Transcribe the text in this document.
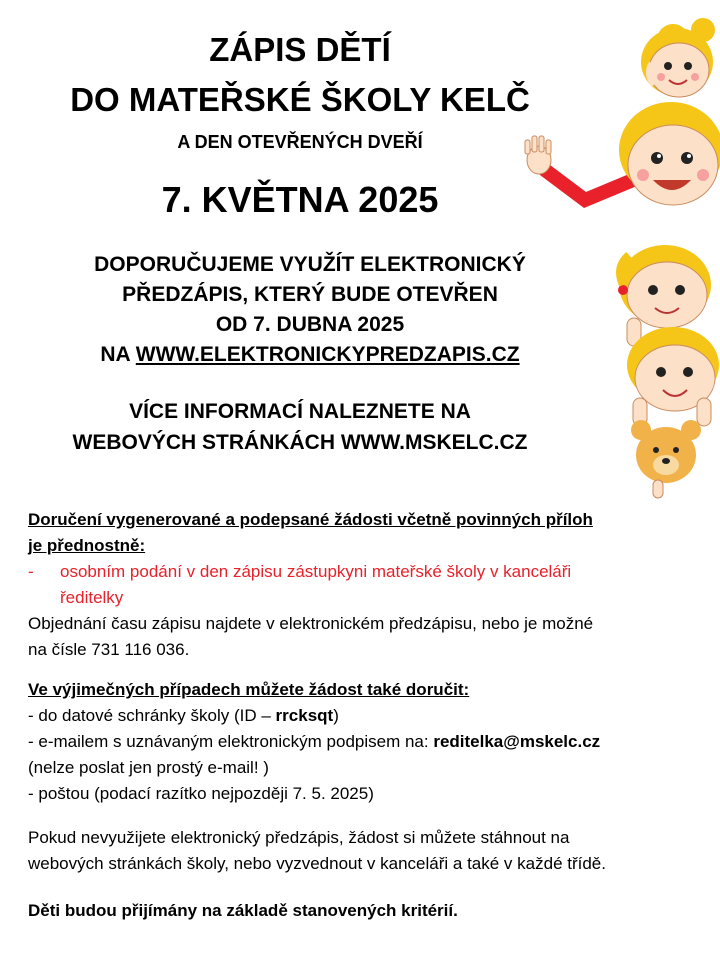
ZÁPIS DĚTÍ
DO MATEŘSKÉ ŠKOLY KELČ
A DEN OTEVŘENÝCH DVEŘÍ
7. KVĚTNA 2025
DOPORUČUJEME VYUŽÍT ELEKTRONICKÝ
PŘEDZÁPIS, KTERÝ BUDE OTEVŘEN
OD 7. DUBNA 2025
NA WWW.ELEKTRONICKYPREDZAPIS.CZ
VÍCE INFORMACÍ NALEZNETE NA
WEBOVÝCH STRÁNKÁCH WWW.MSKELC.CZ
Doručení vygenerované a podepsané žádosti včetně povinných příloh
je přednostně:
- osobním podání v den zápisu zástupkyni mateřské školy v kanceláři
ředitelky
Objednání času zápisu najdete v elektronickém předzápisu, nebo je možné
na čísle 731 116 036.
Ve výjimečných případech můžete žádost také doručit:
- do datové schránky školy (ID – rrcksqt)
- e-mailem s uznávaným elektronickým podpisem na: reditelka@mskelc.cz
(nelze poslat jen prostý e-mail! )
- poštou (podací razítko nejpozději 7. 5. 2025)
Pokud nevyužijete elektronický předzápis, žádost si můžete stáhnout na
webových stránkách školy, nebo vyzvednout v kanceláři a také v každé třídě.
Děti budou přijímány na základě stanovených kritérií.
